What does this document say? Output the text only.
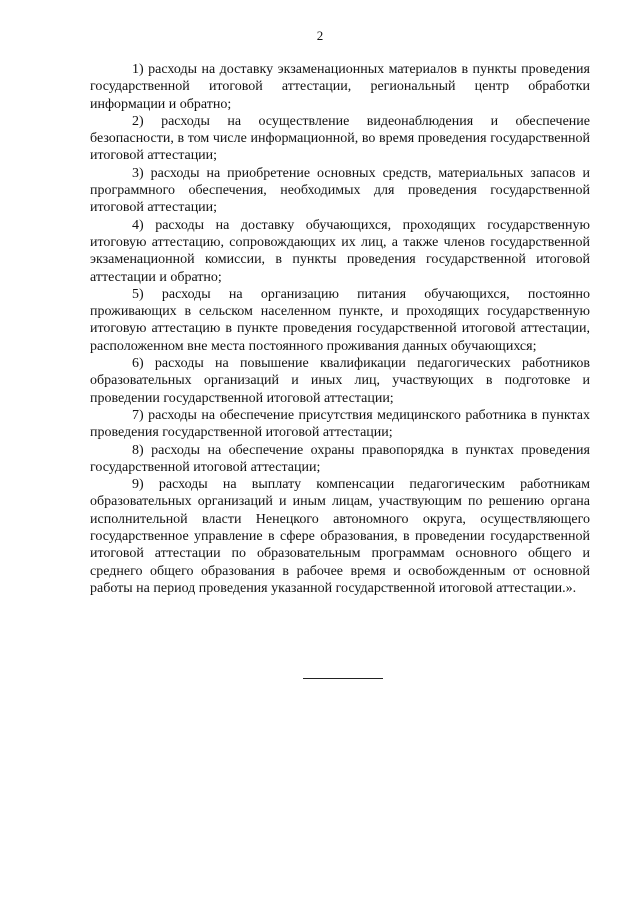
2

1) расходы на доставку экзаменационных материалов в пункты проведения государственной итоговой аттестации, региональный центр обработки информации и обратно;

2) расходы на осуществление видеонаблюдения и обеспечение безопасности, в том числе информационной, во время проведения государственной итоговой аттестации;

3) расходы на приобретение основных средств, материальных запасов и программного обеспечения, необходимых для проведения государственной итоговой аттестации;

4) расходы на доставку обучающихся, проходящих государственную итоговую аттестацию, сопровождающих их лиц, а также членов государственной экзаменационной комиссии, в пункты проведения государственной итоговой аттестации и обратно;

5) расходы на организацию питания обучающихся, постоянно проживающих в сельском населенном пункте, и проходящих государственную итоговую аттестацию в пункте проведения государственной итоговой аттестации, расположенном вне места постоянного проживания данных обучающихся;

6) расходы на повышение квалификации педагогических работников образовательных организаций и иных лиц, участвующих в подготовке и проведении государственной итоговой аттестации;

7) расходы на обеспечение присутствия медицинского работника в пунктах проведения государственной итоговой аттестации;

8) расходы на обеспечение охраны правопорядка в пунктах проведения государственной итоговой аттестации;

9) расходы на выплату компенсации педагогическим работникам образовательных организаций и иным лицам, участвующим по решению органа исполнительной власти Ненецкого автономного округа, осуществляющего государственное управление в сфере образования, в проведении государственной итоговой аттестации по образовательным программам основного общего и среднего общего образования в рабочее время и освобожденным от основной работы на период проведения указанной государственной итоговой аттестации.».
